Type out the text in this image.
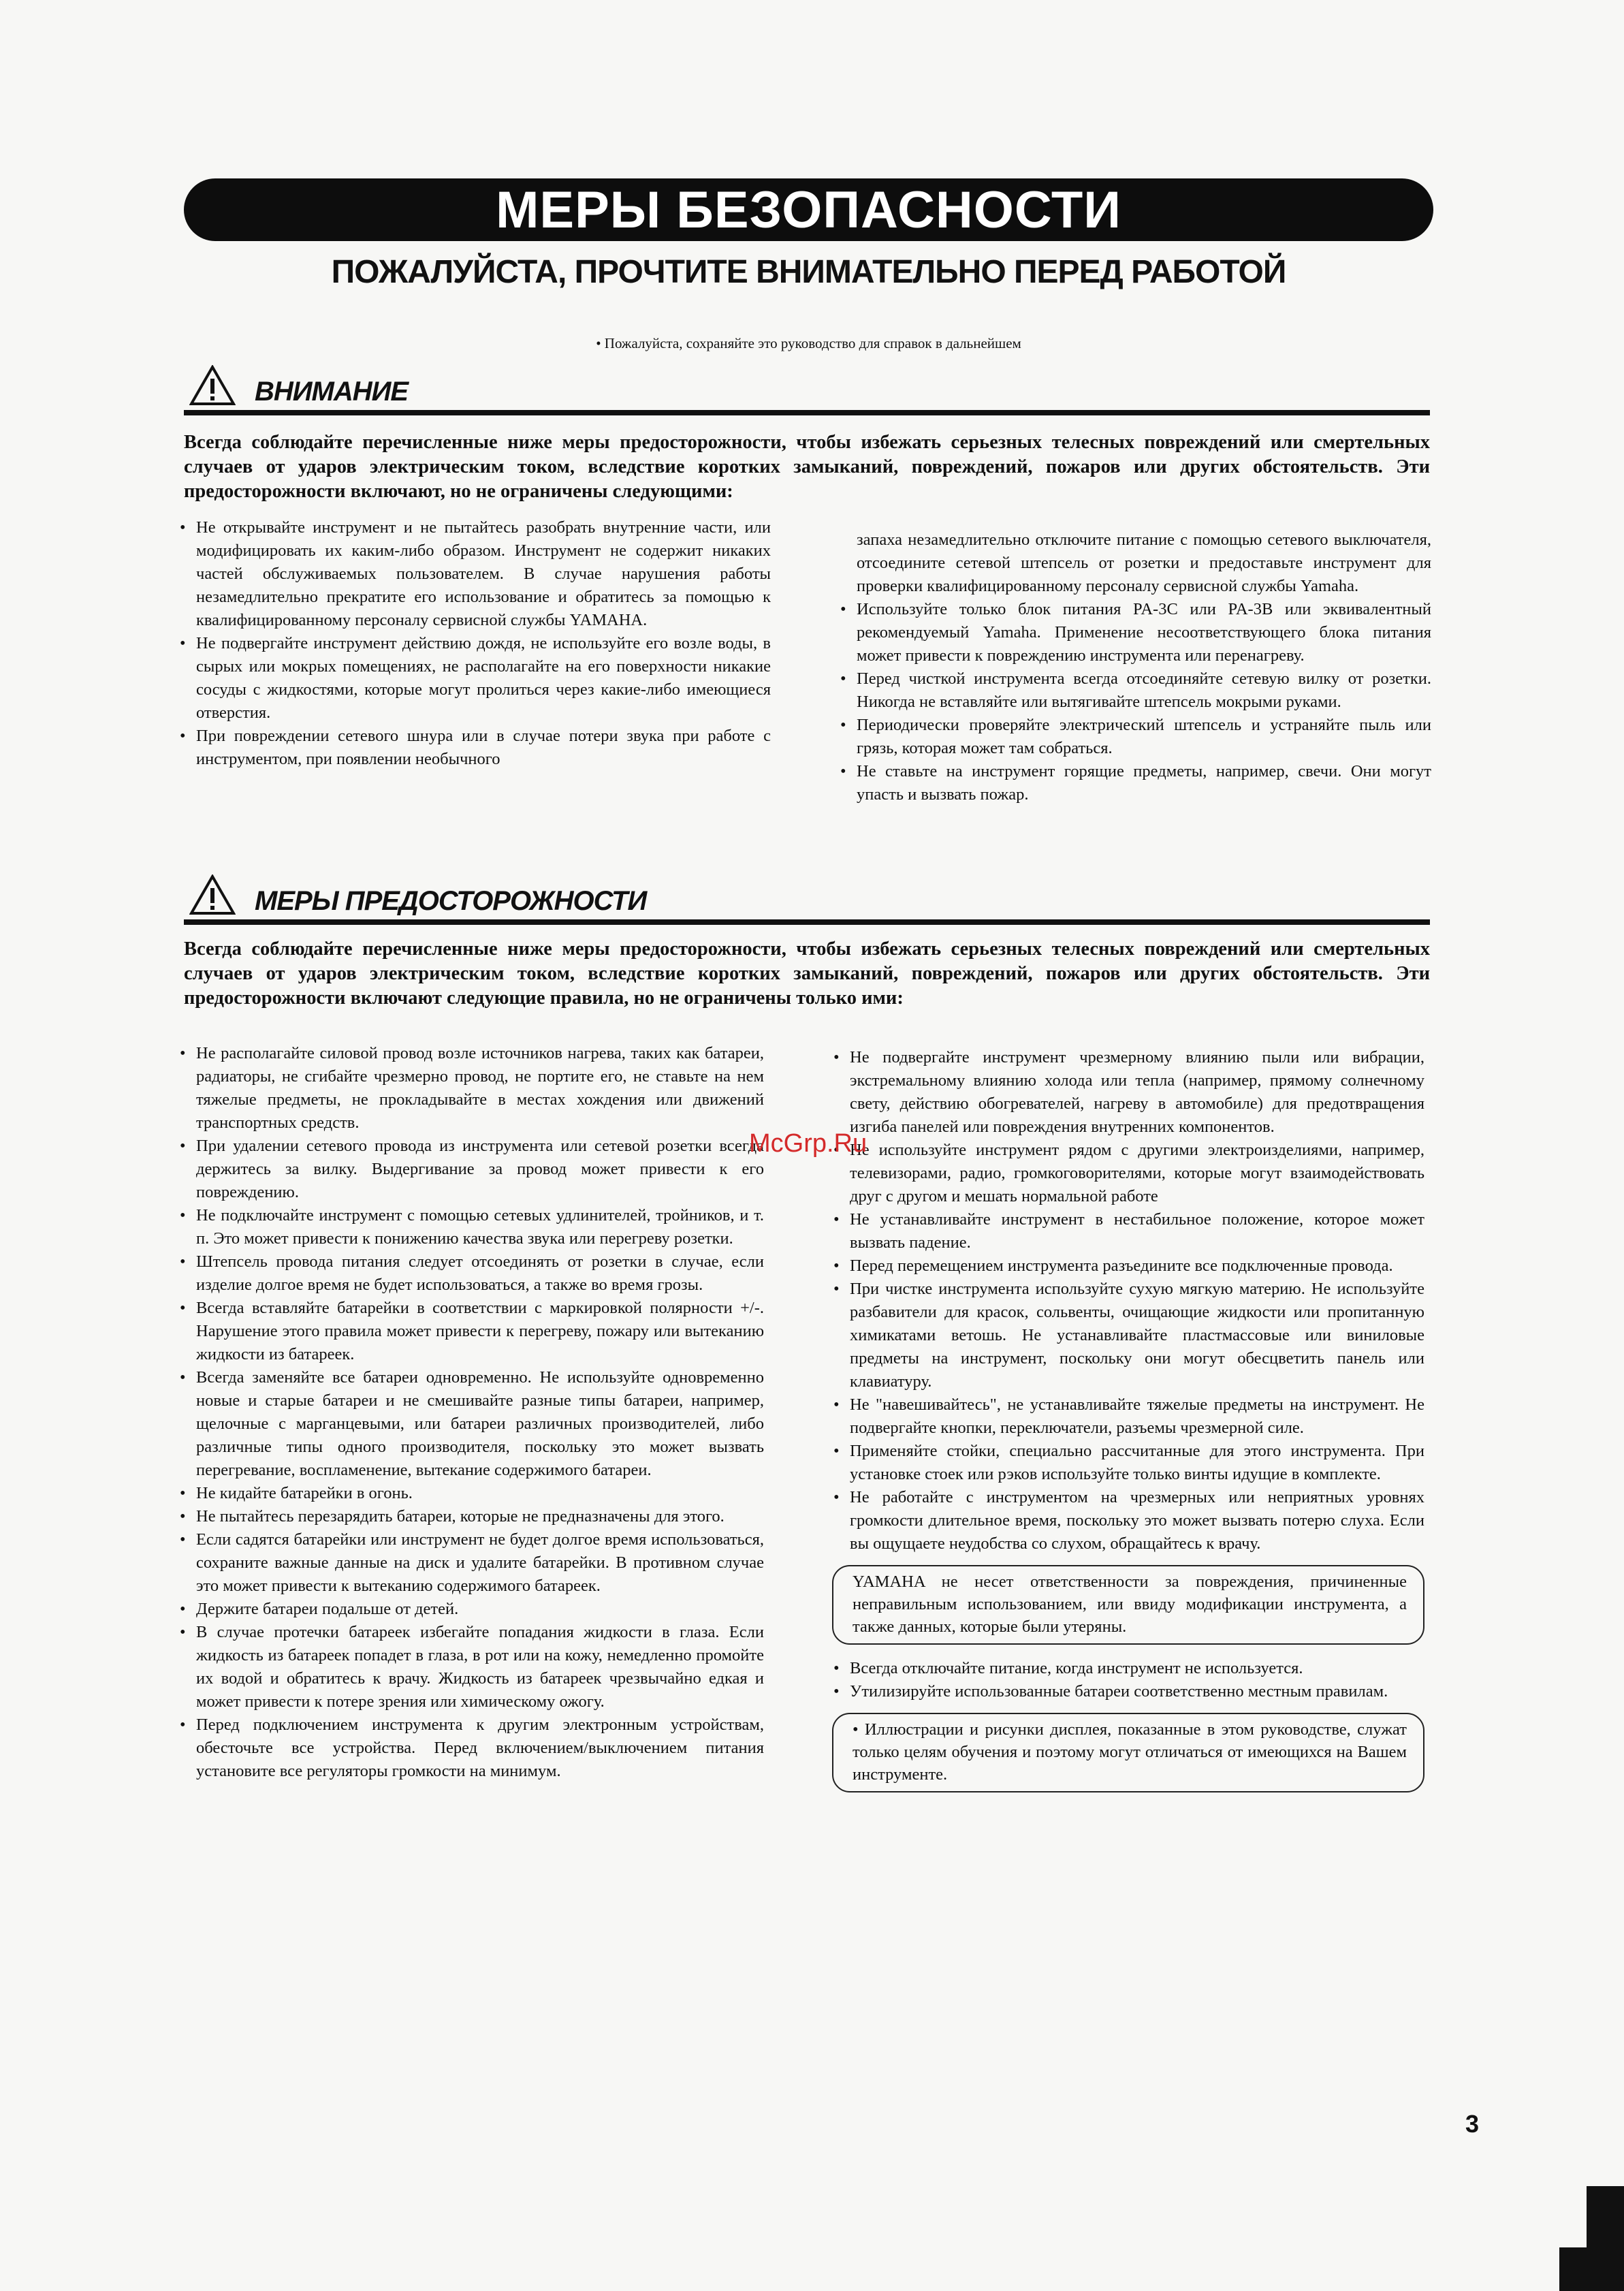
МЕРЫ БЕЗОПАСНОСТИ
ПОЖАЛУЙСТА, ПРОЧТИТЕ ВНИМАТЕЛЬНО ПЕРЕД РАБОТОЙ
• Пожалуйста, сохраняйте это руководство для справок в дальнейшем
ВНИМАНИЕ
Всегда соблюдайте перечисленные ниже меры предосторожности, чтобы избежать серьезных телесных повреждений или смертельных случаев от ударов электрическим током, вследствие коротких замыканий, повреждений, пожаров или других обстоятельств. Эти предосторожности включают, но не ограничены следующими:
• Не открывайте инструмент и не пытайтесь разобрать внутренние части, или модифицировать их каким-либо образом. Инструмент не содержит никаких частей обслуживаемых пользователем. В случае нарушения работы незамедлительно прекратите его использование и обратитесь за помощью к квалифицированному персоналу сервисной службы YAMAHA.
• Не подвергайте инструмент действию дождя, не используйте его возле воды, в сырых или мокрых помещениях, не располагайте на его поверхности никакие сосуды с жидкостями, которые могут пролиться через какие-либо имеющиеся отверстия.
• При повреждении сетевого шнура или в случае потери звука при работе с инструментом, при появлении необычного
запаха незамедлительно отключите питание с помощью сетевого выключателя, отсоедините сетевой штепсель от розетки и предоставьте инструмент для проверки квалифицированному персоналу сервисной службы Yamaha.
• Используйте только блок питания PA-3C или PA-3B или эквивалентный рекомендуемый Yamaha. Применение несоответствующего блока питания может привести к повреждению инструмента или перенагреву.
• Перед чисткой инструмента всегда отсоединяйте сетевую вилку от розетки. Никогда не вставляйте или вытягивайте штепсель мокрыми руками.
• Периодически проверяйте электрический штепсель и устраняйте пыль или грязь, которая может там собраться.
• Не ставьте на инструмент горящие предметы, например, свечи. Они могут упасть и вызвать пожар.
МЕРЫ ПРЕДОСТОРОЖНОСТИ
Всегда соблюдайте перечисленные ниже меры предосторожности, чтобы избежать серьезных телесных повреждений или смертельных случаев от ударов электрическим током, вследствие коротких замыканий, повреждений, пожаров или других обстоятельств. Эти предосторожности включают следующие правила, но не ограничены только ими:
• Не располагайте силовой провод возле источников нагрева, таких как батареи, радиаторы, не сгибайте чрезмерно провод, не портите его, не ставьте на нем тяжелые предметы, не прокладывайте в местах хождения или движений транспортных средств.
• При удалении сетевого провода из инструмента или сетевой розетки всегда держитесь за вилку. Выдергивание за провод может привести к его повреждению.
• Не подключайте инструмент с помощью сетевых удлинителей, тройников, и т. п. Это может привести к понижению качества звука или перегреву розетки.
• Штепсель провода питания следует отсоединять от розетки в случае, если изделие долгое время не будет использоваться, а также во время грозы.
• Всегда вставляйте батарейки в соответствии с маркировкой полярности +/-. Нарушение этого правила может привести к перегреву, пожару или вытеканию жидкости из батареек.
• Всегда заменяйте все батареи одновременно. Не используйте одновременно новые и старые батареи и не смешивайте разные типы батареи, например, щелочные с марганцевыми, или батареи различных производителей, либо различные типы одного производителя, поскольку это может вызвать перегревание, воспламенение, вытекание содержимого батареи.
• Не кидайте батарейки в огонь.
• Не пытайтесь перезарядить батареи, которые не предназначены для этого.
• Если садятся батарейки или инструмент не будет долгое время использоваться, сохраните важные данные на диск и удалите батарейки. В противном случае это может привести к вытеканию содержимого батареек.
• Держите батареи подальше от детей.
• В случае протечки батареек избегайте попадания жидкости в глаза. Если жидкость из батареек попадет в глаза, в рот или на кожу, немедленно промойте их водой и обратитесь к врачу. Жидкость из батареек чрезвычайно едкая и может привести к потере зрения или химическому ожогу.
• Перед подключением инструмента к другим электронным устройствам, обесточьте все устройства. Перед включением/выключением питания установите все регуляторы громкости на минимум.
• Не подвергайте инструмент чрезмерному влиянию пыли или вибрации, экстремальному влиянию холода или тепла (например, прямому солнечному свету, действию обогревателей, нагреву в автомобиле) для предотвращения изгиба панелей или повреждения внутренних компонентов.
• Не используйте инструмент рядом с другими электроизделиями, например, телевизорами, радио, громкоговорителями, которые могут взаимодействовать друг с другом и мешать нормальной работе
• Не устанавливайте инструмент в нестабильное положение, которое может вызвать падение.
• Перед перемещением инструмента разъедините все подключенные провода.
• При чистке инструмента используйте сухую мягкую материю. Не используйте разбавители для красок, сольвенты, очищающие жидкости или пропитанную химикатами ветошь. Не устанавливайте пластмассовые или виниловые предметы на инструмент, поскольку они могут обесцветить панель или клавиатуру.
• Не "навешивайтесь", не устанавливайте тяжелые предметы на инструмент. Не подвергайте кнопки, переключатели, разъемы чрезмерной силе.
• Применяйте стойки, специально рассчитанные для этого инструмента. При установке стоек или рэков используйте только винты идущие в комплекте.
• Не работайте с инструментом на чрезмерных или неприятных уровнях громкости длительное время, поскольку это может вызвать потерю слуха. Если вы ощущаете неудобства со слухом, обращайтесь к врачу.
YAMAHA не несет ответственности за повреждения, причиненные неправильным использованием, или ввиду модификации инструмента, а также данных, которые были утеряны.
• Всегда отключайте питание, когда инструмент не используется.
• Утилизируйте использованные батареи соответственно местным правилам.
• Иллюстрации и рисунки дисплея, показанные в этом руководстве, служат только целям обучения и поэтому могут отличаться от имеющихся на Вашем инструменте.
McGrp.Ru
3
